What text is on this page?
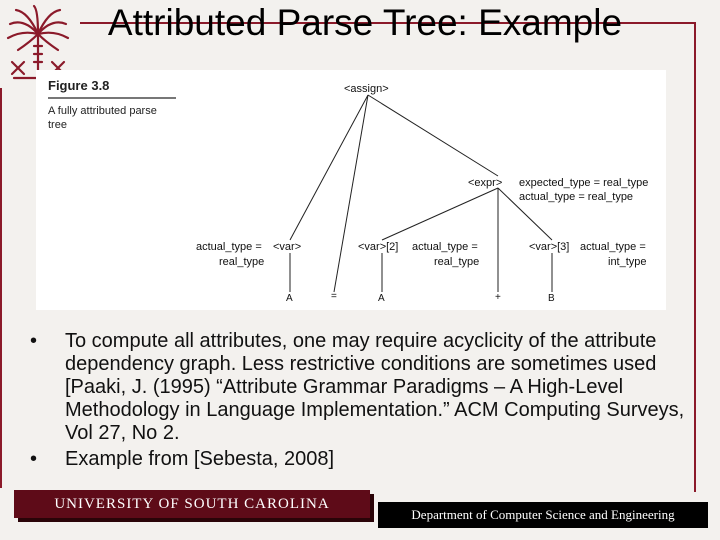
Attributed Parse Tree: Example
Figure 3.8
A fully attributed parse tree
<assign>
<expr>
<var>	<var>[2]	<var>[3]
expected_type = real_type
actual_type = real_type
actual_type =
real_type
actual_type =
real_type
actual_type =
int_type
A	=	A	+	B
• To compute all attributes, one may require acyclicity of the attribute dependency graph. Less restrictive conditions are sometimes used [Paaki, J. (1995) “Attribute Grammar Paradigms – A High-Level Methodology in Language Implementation.” ACM Computing Surveys, Vol 27, No 2.
• Example from [Sebesta, 2008]
UNIVERSITY OF SOUTH CAROLINA
Department of Computer Science and Engineering
